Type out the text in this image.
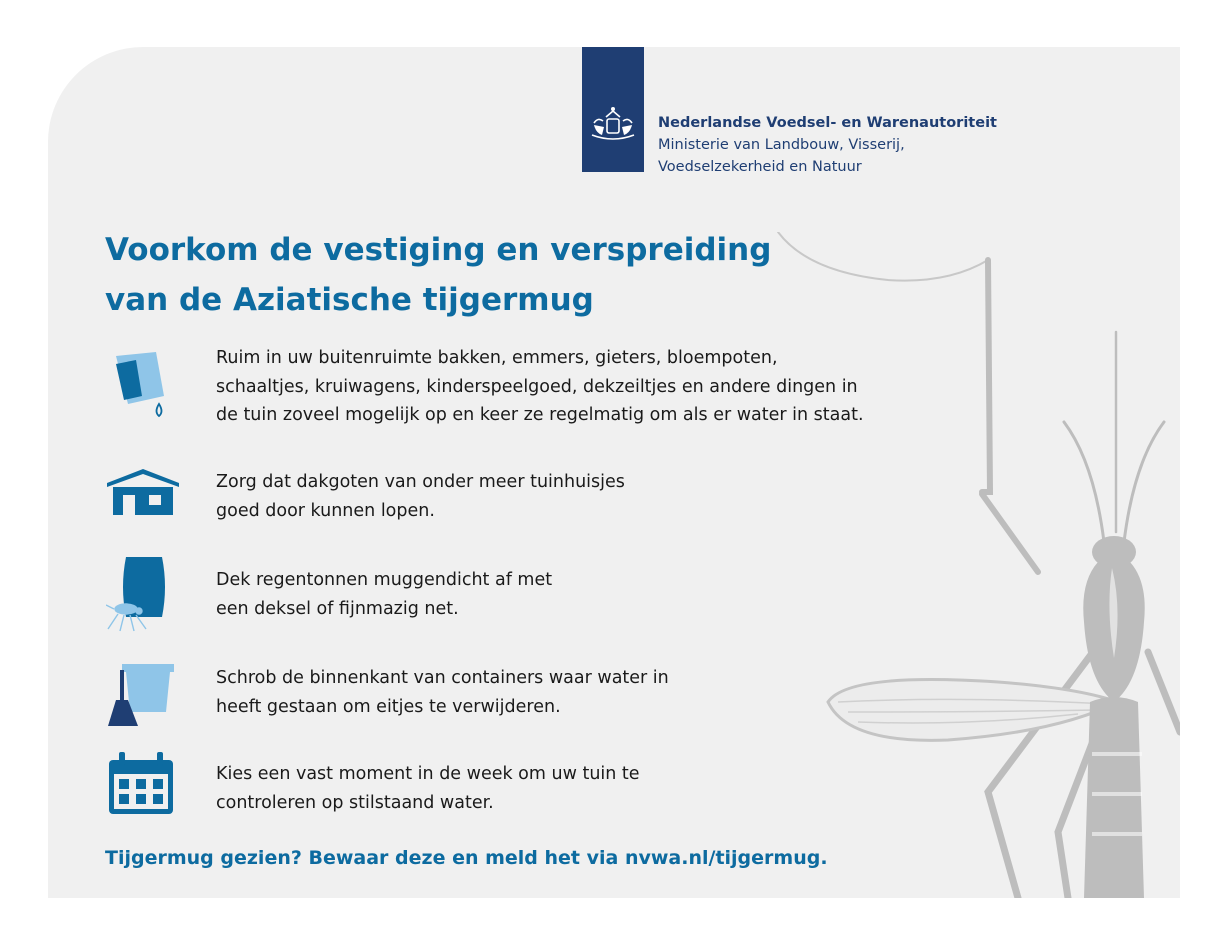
Nederlandse Voedsel- en Warenautoriteit
Ministerie van Landbouw, Visserij,
Voedselzekerheid en Natuur
Voorkom de vestiging en verspreiding
van de Aziatische tijgermug

Ruim in uw buitenruimte bakken, emmers, gieters, bloempoten,
schaaltjes, kruiwagens, kinderspeelgoed, dekzeiltjes en andere dingen in
de tuin zoveel mogelijk op en keer ze regelmatig om als er water in staat.

Zorg dat dakgoten van onder meer tuinhuisjes
goed door kunnen lopen.

Dek regentonnen muggendicht af met
een deksel of fijnmazig net.

Schrob de binnenkant van containers waar water in
heeft gestaan om eitjes te verwijderen.

Kies een vast moment in de week om uw tuin te
controleren op stilstaand water.

Tijgermug gezien? Bewaar deze en meld het via nvwa.nl/tijgermug.
